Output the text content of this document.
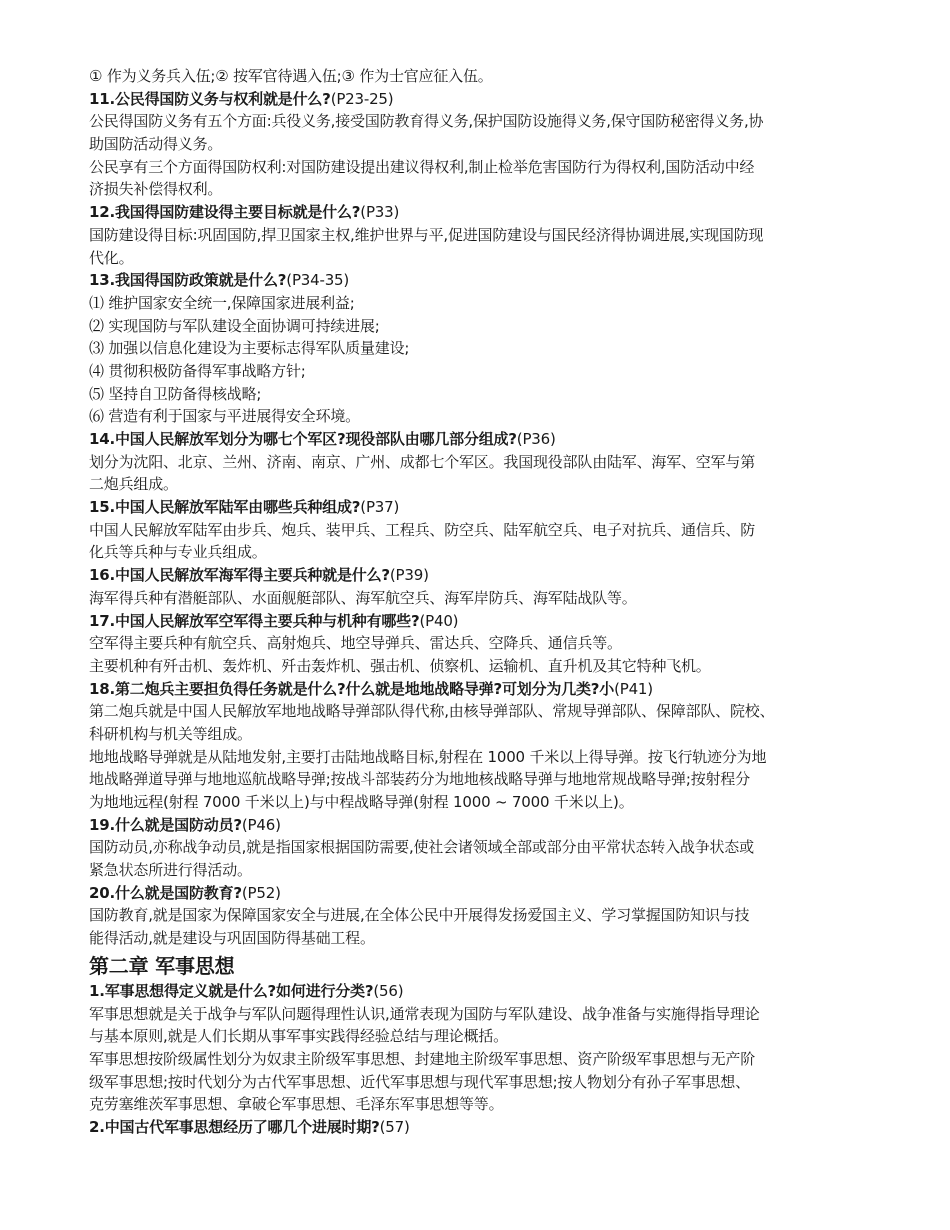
① 作为义务兵入伍;② 按军官待遇入伍;③ 作为士官应征入伍。
11.公民得国防义务与权利就是什么?(P23-25)
公民得国防义务有五个方面:兵役义务,接受国防教育得义务,保护国防设施得义务,保守国防秘密得义务,协
助国防活动得义务。
公民享有三个方面得国防权利:对国防建设提出建议得权利,制止检举危害国防行为得权利,国防活动中经
济损失补偿得权利。
12.我国得国防建设得主要目标就是什么?(P33)
国防建设得目标:巩固国防,捍卫国家主权,维护世界与平,促进国防建设与国民经济得协调进展,实现国防现
代化。
13.我国得国防政策就是什么?(P34-35)
⑴ 维护国家安全统一,保障国家进展利益;
⑵ 实现国防与军队建设全面协调可持续进展;
⑶ 加强以信息化建设为主要标志得军队质量建设;
⑷ 贯彻积极防备得军事战略方针;
⑸ 坚持自卫防备得核战略;
⑹ 营造有利于国家与平进展得安全环境。
14.中国人民解放军划分为哪七个军区?现役部队由哪几部分组成?(P36)
划分为沈阳、北京、兰州、济南、南京、广州、成都七个军区。我国现役部队由陆军、海军、空军与第
二炮兵组成。
15.中国人民解放军陆军由哪些兵种组成?(P37)
中国人民解放军陆军由步兵、炮兵、装甲兵、工程兵、防空兵、陆军航空兵、电子对抗兵、通信兵、防
化兵等兵种与专业兵组成。
16.中国人民解放军海军得主要兵种就是什么?(P39)
海军得兵种有潜艇部队、水面舰艇部队、海军航空兵、海军岸防兵、海军陆战队等。
17.中国人民解放军空军得主要兵种与机种有哪些?(P40)
空军得主要兵种有航空兵、高射炮兵、地空导弹兵、雷达兵、空降兵、通信兵等。
主要机种有歼击机、轰炸机、歼击轰炸机、强击机、侦察机、运输机、直升机及其它特种飞机。
18.第二炮兵主要担负得任务就是什么?什么就是地地战略导弹?可划分为几类?小(P41)
第二炮兵就是中国人民解放军地地战略导弹部队得代称,由核导弹部队、常规导弹部队、保障部队、院校、
科研机构与机关等组成。
地地战略导弹就是从陆地发射,主要打击陆地战略目标,射程在 1000 千米以上得导弹。按飞行轨迹分为地
地战略弹道导弹与地地巡航战略导弹;按战斗部装药分为地地核战略导弹与地地常规战略导弹;按射程分
为地地远程(射程 7000 千米以上)与中程战略导弹(射程 1000 ~ 7000 千米以上)。
19.什么就是国防动员?(P46)
国防动员,亦称战争动员,就是指国家根据国防需要,使社会诸领域全部或部分由平常状态转入战争状态或
紧急状态所进行得活动。
20.什么就是国防教育?(P52)
国防教育,就是国家为保障国家安全与进展,在全体公民中开展得发扬爱国主义、学习掌握国防知识与技
能得活动,就是建设与巩固国防得基础工程。
第二章 军事思想
1.军事思想得定义就是什么?如何进行分类?(56)
军事思想就是关于战争与军队问题得理性认识,通常表现为国防与军队建设、战争准备与实施得指导理论
与基本原则,就是人们长期从事军事实践得经验总结与理论概括。
军事思想按阶级属性划分为奴隶主阶级军事思想、封建地主阶级军事思想、资产阶级军事思想与无产阶
级军事思想;按时代划分为古代军事思想、近代军事思想与现代军事思想;按人物划分有孙子军事思想、
克劳塞维茨军事思想、拿破仑军事思想、毛泽东军事思想等等。
2.中国古代军事思想经历了哪几个进展时期?(57)
